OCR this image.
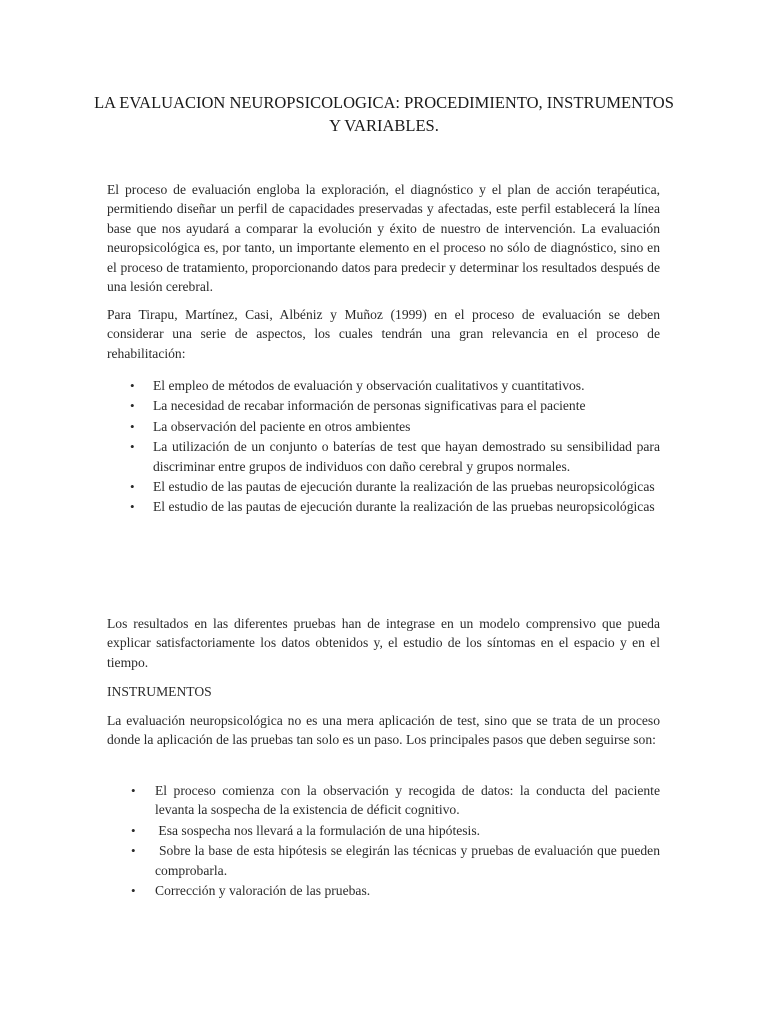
LA EVALUACION NEUROPSICOLOGICA: PROCEDIMIENTO, INSTRUMENTOS Y VARIABLES.

El proceso de evaluación engloba la exploración, el diagnóstico y el plan de acción terapéutica, permitiendo diseñar un perfil de capacidades preservadas y afectadas, este perfil establecerá la línea base que nos ayudará a comparar la evolución y éxito de nuestro de intervención. La evaluación neuropsicológica es, por tanto, un importante elemento en el proceso no sólo de diagnóstico, sino en el proceso de tratamiento, proporcionando datos para predecir y determinar los resultados después de una lesión cerebral.

Para Tirapu, Martínez, Casi, Albéniz y Muñoz (1999) en el proceso de evaluación se deben considerar una serie de aspectos, los cuales tendrán una gran relevancia en el proceso de rehabilitación:

• El empleo de métodos de evaluación y observación cualitativos y cuantitativos.
• La necesidad de recabar información de personas significativas para el paciente
• La observación del paciente en otros ambientes
• La utilización de un conjunto o baterías de test que hayan demostrado su sensibilidad para discriminar entre grupos de individuos con daño cerebral y grupos normales.
• El estudio de las pautas de ejecución durante la realización de las pruebas neuropsicológicas
• El estudio de las pautas de ejecución durante la realización de las pruebas neuropsicológicas

Los resultados en las diferentes pruebas han de integrase en un modelo comprensivo que pueda explicar satisfactoriamente los datos obtenidos y, el estudio de los síntomas en el espacio y en el tiempo.

INSTRUMENTOS

La evaluación neuropsicológica no es una mera aplicación de test, sino que se trata de un proceso donde la aplicación de las pruebas tan solo es un paso. Los principales pasos que deben seguirse son:

• El proceso comienza con la observación y recogida de datos: la conducta del paciente levanta la sospecha de la existencia de déficit cognitivo.
• Esa sospecha nos llevará a la formulación de una hipótesis.
• Sobre la base de esta hipótesis se elegirán las técnicas y pruebas de evaluación que pueden comprobarla.
• Corrección y valoración de las pruebas.
